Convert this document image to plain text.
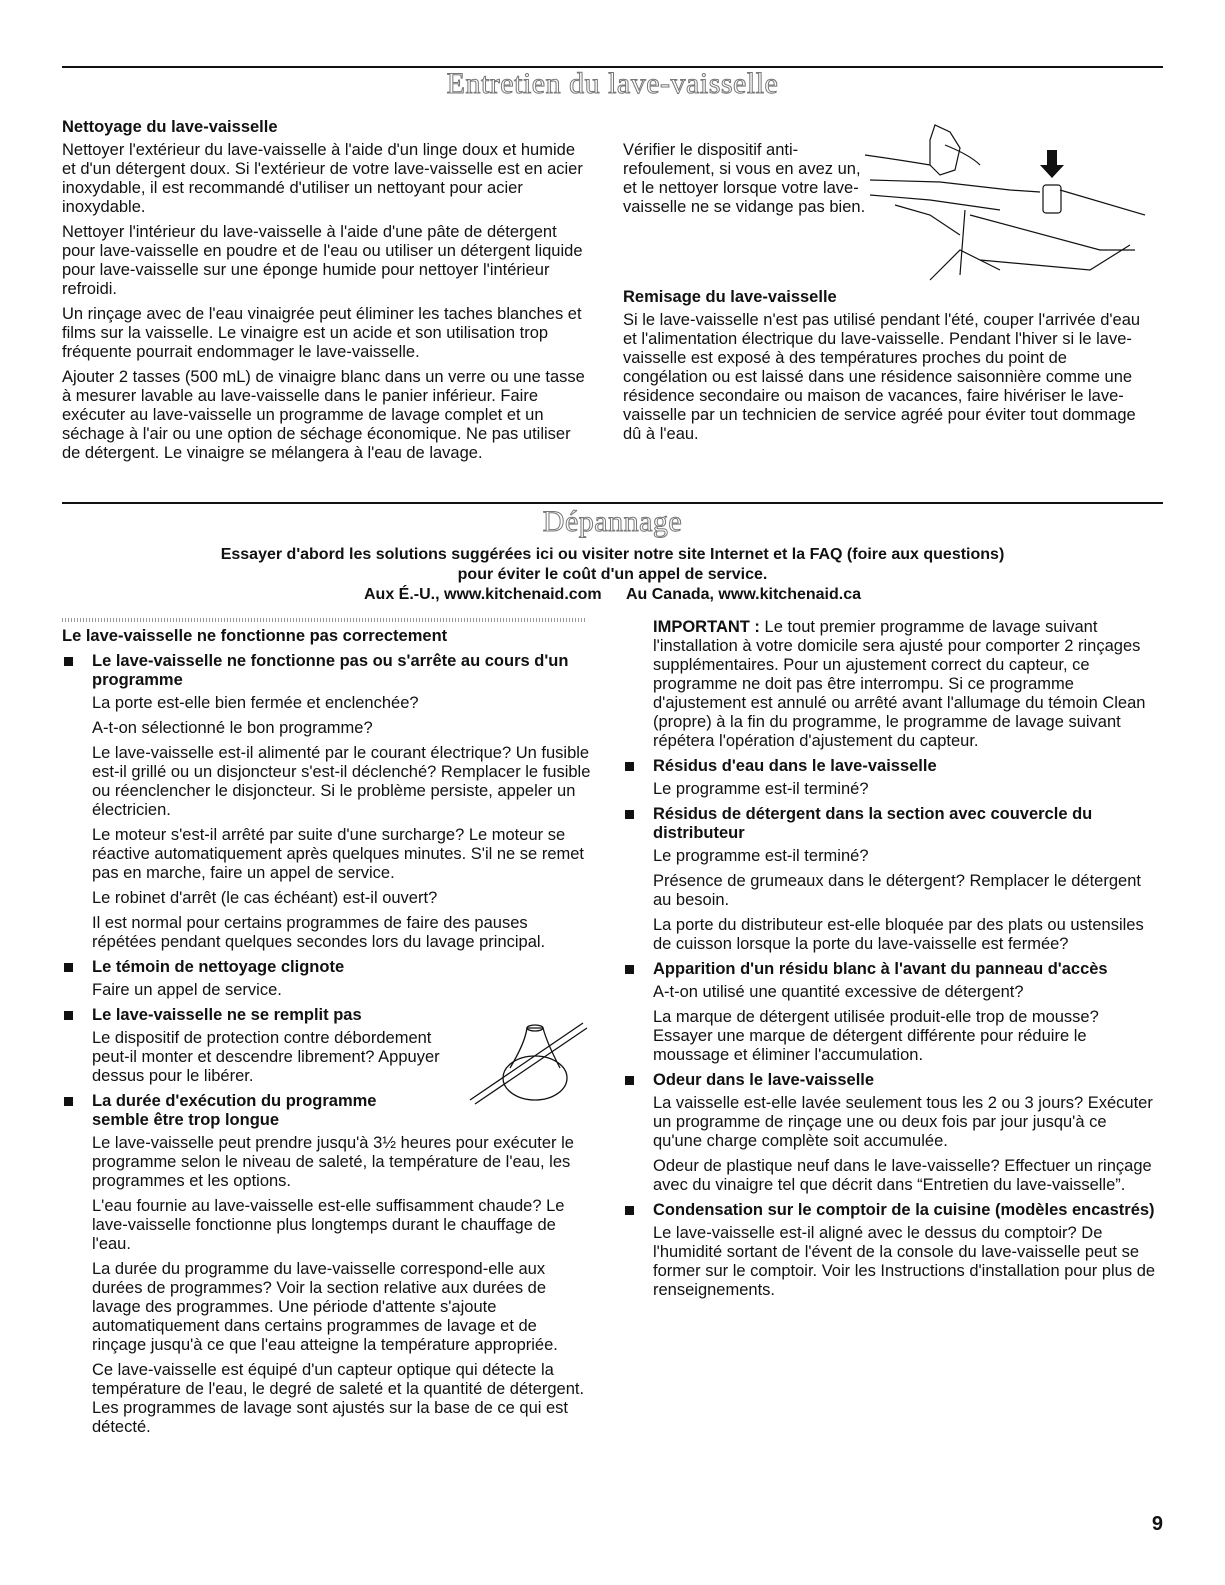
Entretien du lave-vaisselle
Nettoyage du lave-vaisselle

Nettoyer l'extérieur du lave-vaisselle à l'aide d'un linge doux et humide et d'un détergent doux. Si l'extérieur de votre lave-vaisselle est en acier inoxydable, il est recommandé d'utiliser un nettoyant pour acier inoxydable.

Nettoyer l'intérieur du lave-vaisselle à l'aide d'une pâte de détergent pour lave-vaisselle en poudre et de l'eau ou utiliser un détergent liquide pour lave-vaisselle sur une éponge humide pour nettoyer l'intérieur refroidi.

Un rinçage avec de l'eau vinaigrée peut éliminer les taches blanches et films sur la vaisselle. Le vinaigre est un acide et son utilisation trop fréquente pourrait endommager le lave-vaisselle.

Ajouter 2 tasses (500 mL) de vinaigre blanc dans un verre ou une tasse à mesurer lavable au lave-vaisselle dans le panier inférieur. Faire exécuter au lave-vaisselle un programme de lavage complet et un séchage à l'air ou une option de séchage économique. Ne pas utiliser de détergent. Le vinaigre se mélangera à l'eau de lavage.

Vérifier le dispositif anti-refoulement, si vous en avez un, et le nettoyer lorsque votre lave-vaisselle ne se vidange pas bien.
Remisage du lave-vaisselle

Si le lave-vaisselle n'est pas utilisé pendant l'été, couper l'arrivée d'eau et l'alimentation électrique du lave-vaisselle. Pendant l'hiver si le lave-vaisselle est exposé à des températures proches du point de congélation ou est laissé dans une résidence saisonnière comme une résidence secondaire ou maison de vacances, faire hivériser le lave-vaisselle par un technicien de service agréé pour éviter tout dommage dû à l'eau.

Dépannage
Essayer d'abord les solutions suggérées ici ou visiter notre site Internet et la FAQ (foire aux questions)
pour éviter le coût d'un appel de service.
Aux É.-U., www.kitchenaid.com Au Canada, www.kitchenaid.ca
Le lave-vaisselle ne fonctionne pas correctement
Le lave-vaisselle ne fonctionne pas ou s'arrête au cours d'un programme

La porte est-elle bien fermée et enclenchée?

A-t-on sélectionné le bon programme?

Le lave-vaisselle est-il alimenté par le courant électrique? Un fusible est-il grillé ou un disjoncteur s'est-il déclenché? Remplacer le fusible ou réenclencher le disjoncteur. Si le problème persiste, appeler un électricien.

Le moteur s'est-il arrêté par suite d'une surcharge? Le moteur se réactive automatiquement après quelques minutes. S'il ne se remet pas en marche, faire un appel de service.

Le robinet d'arrêt (le cas échéant) est-il ouvert?

Il est normal pour certains programmes de faire des pauses répétées pendant quelques secondes lors du lavage principal.

Le témoin de nettoyage clignote

Faire un appel de service.

Le lave-vaisselle ne se remplit pas

Le dispositif de protection contre débordement peut-il monter et descendre librement? Appuyer dessus pour le libérer.

La durée d'exécution du programme semble être trop longue

Le lave-vaisselle peut prendre jusqu'à 3½ heures pour exécuter le programme selon le niveau de saleté, la température de l'eau, les programmes et les options.

L'eau fournie au lave-vaisselle est-elle suffisamment chaude? Le lave-vaisselle fonctionne plus longtemps durant le chauffage de l'eau.

La durée du programme du lave-vaisselle correspond-elle aux durées de programmes? Voir la section relative aux durées de lavage des programmes. Une période d'attente s'ajoute automatiquement dans certains programmes de lavage et de rinçage jusqu'à ce que l'eau atteigne la température appropriée.

Ce lave-vaisselle est équipé d'un capteur optique qui détecte la température de l'eau, le degré de saleté et la quantité de détergent. Les programmes de lavage sont ajustés sur la base de ce qui est détecté.

IMPORTANT : Le tout premier programme de lavage suivant l'installation à votre domicile sera ajusté pour comporter 2 rinçages supplémentaires. Pour un ajustement correct du capteur, ce programme ne doit pas être interrompu. Si ce programme d'ajustement est annulé ou arrêté avant l'allumage du témoin Clean (propre) à la fin du programme, le programme de lavage suivant répétera l'opération d'ajustement du capteur.

Résidus d'eau dans le lave-vaisselle

Le programme est-il terminé?

Résidus de détergent dans la section avec couvercle du distributeur

Le programme est-il terminé?

Présence de grumeaux dans le détergent? Remplacer le détergent au besoin.

La porte du distributeur est-elle bloquée par des plats ou ustensiles de cuisson lorsque la porte du lave-vaisselle est fermée?

Apparition d'un résidu blanc à l'avant du panneau d'accès

A-t-on utilisé une quantité excessive de détergent?

La marque de détergent utilisée produit-elle trop de mousse? Essayer une marque de détergent différente pour réduire le moussage et éliminer l'accumulation.

Odeur dans le lave-vaisselle

La vaisselle est-elle lavée seulement tous les 2 ou 3 jours? Exécuter un programme de rinçage une ou deux fois par jour jusqu'à ce qu'une charge complète soit accumulée.

Odeur de plastique neuf dans le lave-vaisselle? Effectuer un rinçage avec du vinaigre tel que décrit dans “Entretien du lave-vaisselle”.

Condensation sur le comptoir de la cuisine (modèles encastrés)

Le lave-vaisselle est-il aligné avec le dessus du comptoir? De l'humidité sortant de l'évent de la console du lave-vaisselle peut se former sur le comptoir. Voir les Instructions d'installation pour plus de renseignements.

9
